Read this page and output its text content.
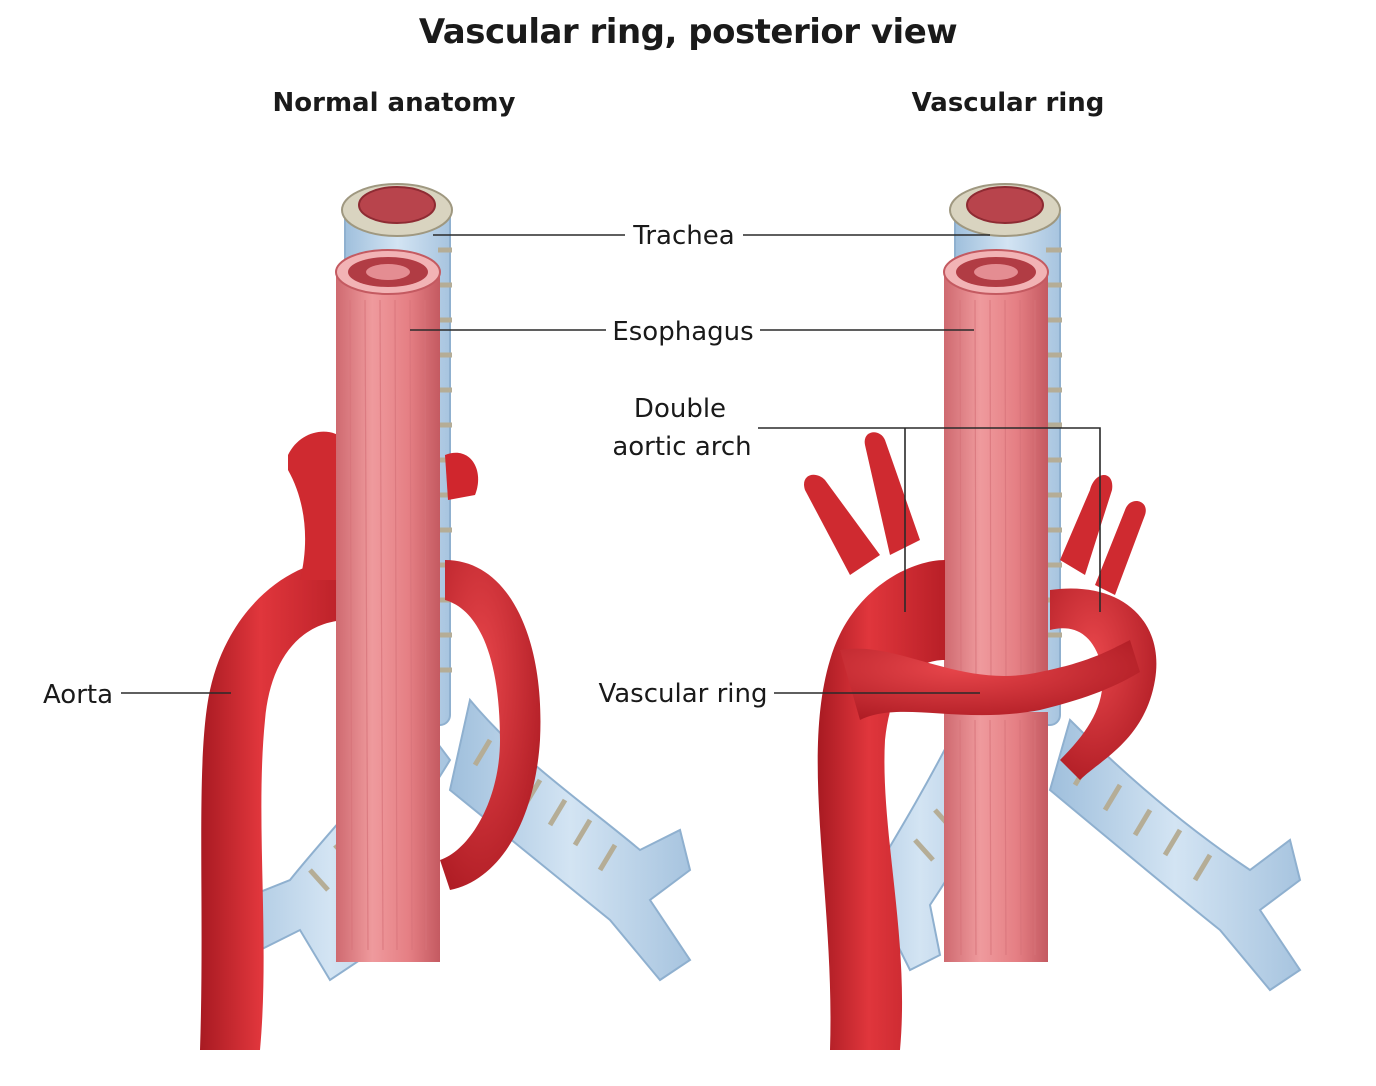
Vascular ring, posterior view
Normal anatomy	Vascular ring
Trachea
Esophagus
Double
aortic arch
Vascular ring
Aorta
